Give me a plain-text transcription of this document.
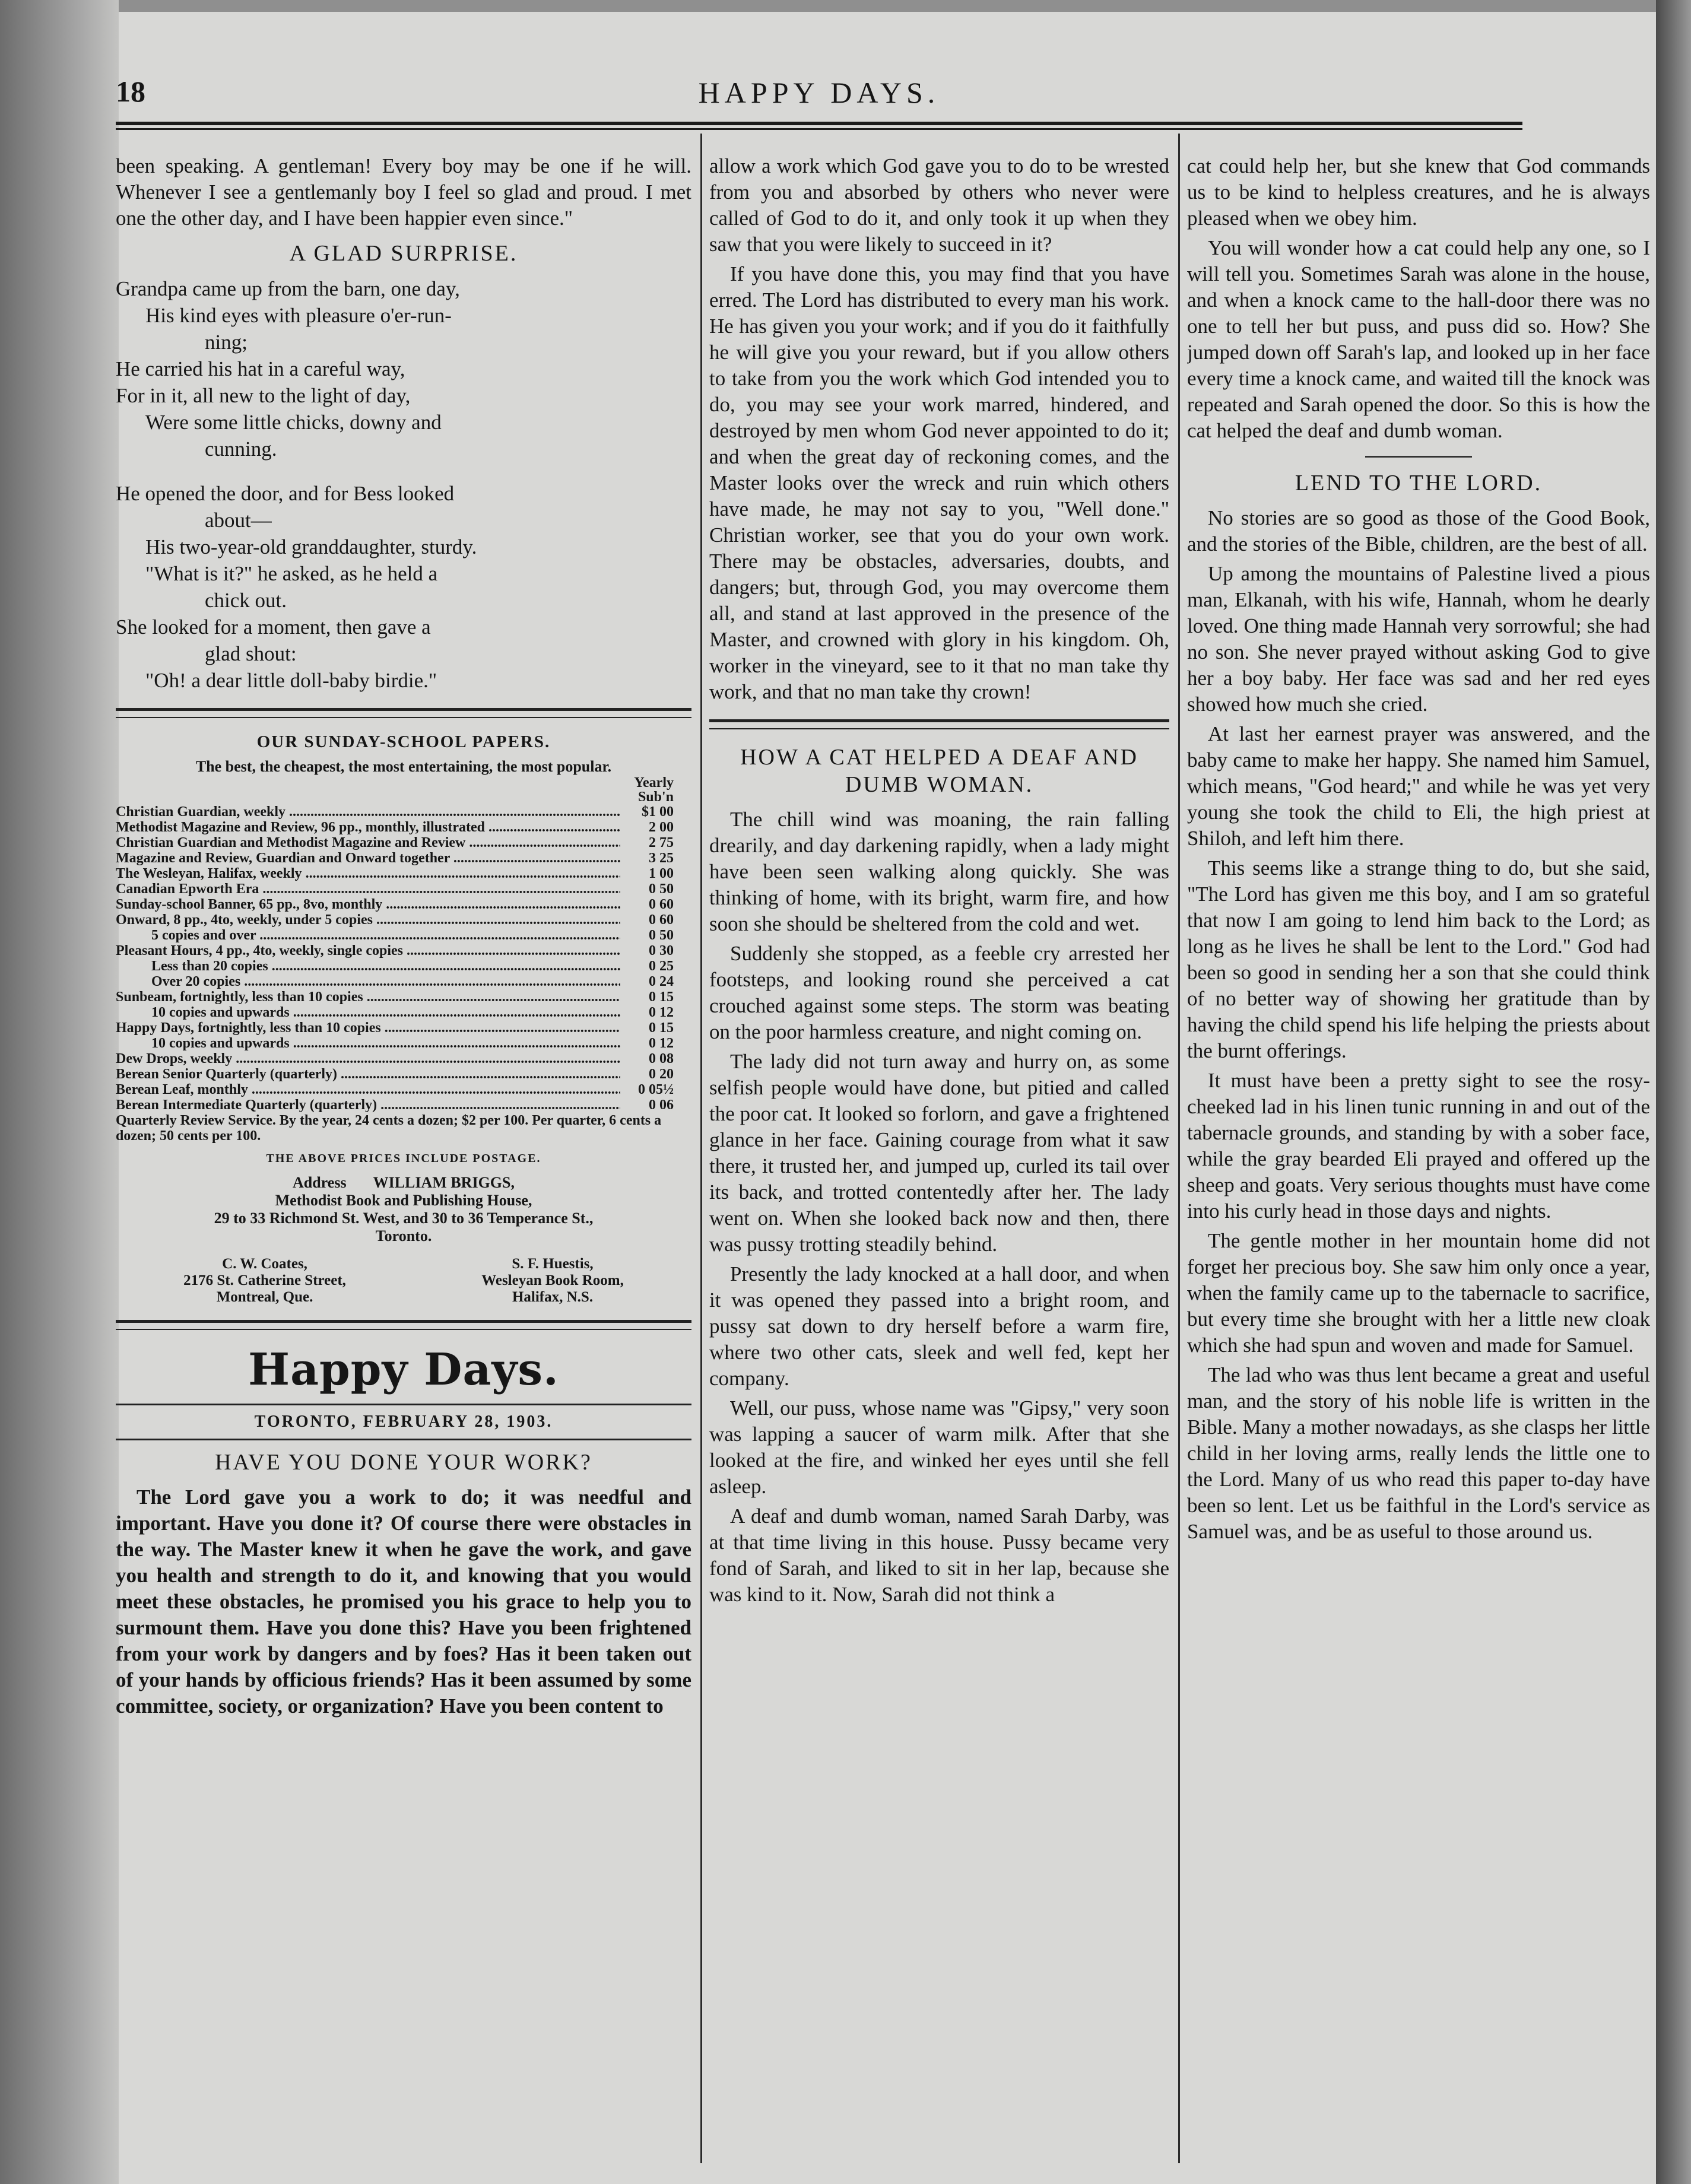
18	HAPPY DAYS.

been speaking. A gentleman! Every boy may be one if he will. Whenever I see a gentlemanly boy I feel so glad and proud. I met one the other day, and I have been happier even since."

A GLAD SURPRISE.
Grandpa came up from the barn, one day,
His kind eyes with pleasure o'er-run-
ning;
He carried his hat in a careful way,
For in it, all new to the light of day,
Were some little chicks, downy and
cunning.
He opened the door, and for Bess looked
about—
His two-year-old granddaughter, sturdy.
"What is it?" he asked, as he held a
chick out.
She looked for a moment, then gave a
glad shout:
"Oh! a dear little doll-baby birdie."
OUR SUNDAY-SCHOOL PAPERS.
The best, the cheapest, the most entertaining, the most popular.
Yearly
Sub'n
Christian Guardian, weekly .....	$1 00
Methodist Magazine and Review, 96 pp., monthly, illustrated .....	2 00
Christian Guardian and Methodist Magazine and Review .....	2 75
Magazine and Review, Guardian and Onward together .....	3 25
The Wesleyan, Halifax, weekly .....	1 00
Canadian Epworth Era .....	0 50
Sunday-school Banner, 65 pp., 8vo, monthly .....	0 60
Onward, 8 pp., 4to, weekly, under 5 copies .....	0 60
5 copies and over .....	0 50
Pleasant Hours, 4 pp., 4to, weekly, single copies .....	0 30
Less than 20 copies .....	0 25
Over 20 copies .....	0 24
Sunbeam, fortnightly, less than 10 copies .....	0 15
10 copies and upwards .....	0 12
Happy Days, fortnightly, less than 10 copies .....	0 15
10 copies and upwards .....	0 12
Dew Drops, weekly .....	0 08
Berean Senior Quarterly (quarterly) .....	0 20
Berean Leaf, monthly .....	0 05½
Berean Intermediate Quarterly (quarterly) .....	0 06
Quarterly Review Service. By the year, 24 cents a dozen; $2 per 100. Per quarter, 6 cents a dozen; 50 cents per 100.
THE ABOVE PRICES INCLUDE POSTAGE.
Address WILLIAM BRIGGS,
Methodist Book and Publishing House,
29 to 33 Richmond St. West, and 30 to 36 Temperance St.,
Toronto.
C. W. Coates,
2176 St. Catherine Street,
Montreal, Que.
S. F. Huestis,
Wesleyan Book Room,
Halifax, N.S.
Happy Days.
TORONTO, FEBRUARY 28, 1903.
HAVE YOU DONE YOUR WORK?

The Lord gave you a work to do; it was needful and important. Have you done it? Of course there were obstacles in the way. The Master knew it when he gave the work, and gave you health and strength to do it, and knowing that you would meet these obstacles, he promised you his grace to help you to surmount them. Have you done this? Have you been frightened from your work by dangers and by foes? Has it been taken out of your hands by officious friends? Has it been assumed by some committee, society, or organization? Have you been content to

allow a work which God gave you to do to be wrested from you and absorbed by others who never were called of God to do it, and only took it up when they saw that you were likely to succeed in it?

If you have done this, you may find that you have erred. The Lord has distributed to every man his work. He has given you your work; and if you do it faithfully he will give you your reward, but if you allow others to take from you the work which God intended you to do, you may see your work marred, hindered, and destroyed by men whom God never appointed to do it; and when the great day of reckoning comes, and the Master looks over the wreck and ruin which others have made, he may not say to you, "Well done." Christian worker, see that you do your own work. There may be obstacles, adversaries, doubts, and dangers; but, through God, you may overcome them all, and stand at last approved in the presence of the Master, and crowned with glory in his kingdom. Oh, worker in the vineyard, see to it that no man take thy work, and that no man take thy crown!

HOW A CAT HELPED A DEAF AND DUMB WOMAN.

The chill wind was moaning, the rain falling drearily, and day darkening rapidly, when a lady might have been seen walking along quickly. She was thinking of home, with its bright, warm fire, and how soon she should be sheltered from the cold and wet.

Suddenly she stopped, as a feeble cry arrested her footsteps, and looking round she perceived a cat crouched against some steps. The storm was beating on the poor harmless creature, and night coming on.

The lady did not turn away and hurry on, as some selfish people would have done, but pitied and called the poor cat. It looked so forlorn, and gave a frightened glance in her face. Gaining courage from what it saw there, it trusted her, and jumped up, curled its tail over its back, and trotted contentedly after her. The lady went on. When she looked back now and then, there was pussy trotting steadily behind.

Presently the lady knocked at a hall door, and when it was opened they passed into a bright room, and pussy sat down to dry herself before a warm fire, where two other cats, sleek and well fed, kept her company.

Well, our puss, whose name was "Gipsy," very soon was lapping a saucer of warm milk. After that she looked at the fire, and winked her eyes until she fell asleep.

A deaf and dumb woman, named Sarah Darby, was at that time living in this house. Pussy became very fond of Sarah, and liked to sit in her lap, because she was kind to it. Now, Sarah did not think a

cat could help her, but she knew that God commands us to be kind to helpless creatures, and he is always pleased when we obey him.

You will wonder how a cat could help any one, so I will tell you. Sometimes Sarah was alone in the house, and when a knock came to the hall-door there was no one to tell her but puss, and puss did so. How? She jumped down off Sarah's lap, and looked up in her face every time a knock came, and waited till the knock was repeated and Sarah opened the door. So this is how the cat helped the deaf and dumb woman.

LEND TO THE LORD.

No stories are so good as those of the Good Book, and the stories of the Bible, children, are the best of all.

Up among the mountains of Palestine lived a pious man, Elkanah, with his wife, Hannah, whom he dearly loved. One thing made Hannah very sorrowful; she had no son. She never prayed without asking God to give her a boy baby. Her face was sad and her red eyes showed how much she cried.

At last her earnest prayer was answered, and the baby came to make her happy. She named him Samuel, which means, "God heard;" and while he was yet very young she took the child to Eli, the high priest at Shiloh, and left him there.

This seems like a strange thing to do, but she said, "The Lord has given me this boy, and I am so grateful that now I am going to lend him back to the Lord; as long as he lives he shall be lent to the Lord." God had been so good in sending her a son that she could think of no better way of showing her gratitude than by having the child spend his life helping the priests about the burnt offerings.

It must have been a pretty sight to see the rosy-cheeked lad in his linen tunic running in and out of the tabernacle grounds, and standing by with a sober face, while the gray bearded Eli prayed and offered up the sheep and goats. Very serious thoughts must have come into his curly head in those days and nights.

The gentle mother in her mountain home did not forget her precious boy. She saw him only once a year, when the family came up to the tabernacle to sacrifice, but every time she brought with her a little new cloak which she had spun and woven and made for Samuel.

The lad who was thus lent became a great and useful man, and the story of his noble life is written in the Bible. Many a mother nowadays, as she clasps her little child in her loving arms, really lends the little one to the Lord. Many of us who read this paper to-day have been so lent. Let us be faithful in the Lord's service as Samuel was, and be as useful to those around us.
